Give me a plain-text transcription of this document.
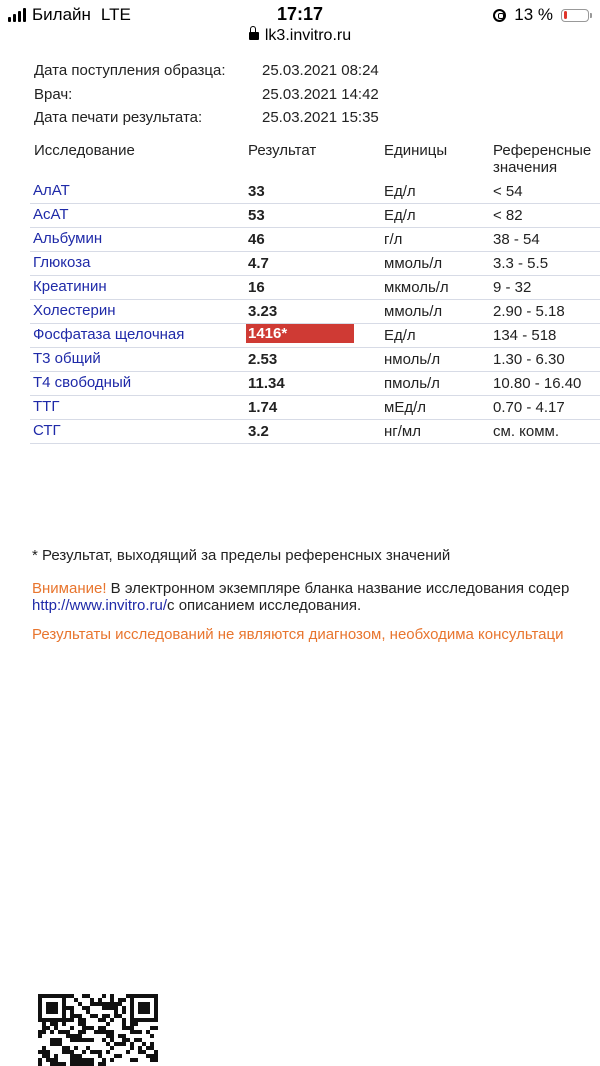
Билайн LTE	17:17	13 %
lk3.invitro.ru
Дата поступления образца: 25.03.2021 08:24
Врач:	25.03.2021 14:42
Дата печати результата:	25.03.2021 15:35
Исследование	Результат	Единицы	Референсные
значения
АлАТ	33	Ед/л	< 54
АсАТ	53	Ед/л	< 82
Альбумин	46	г/л	38 - 54
Глюкоза	4.7	ммоль/л	3.3 - 5.5
Креатинин	16	мкмоль/л	9 - 32
Холестерин	3.23	ммоль/л	2.90 - 5.18
Фосфатаза щелочная	1416*	Ед/л	134 - 518
Т3 общий	2.53	нмоль/л	1.30 - 6.30
Т4 свободный	11.34	пмоль/л	10.80 - 16.40
ТТГ	1.74	мЕд/л	0.70 - 4.17
СТГ	3.2	нг/мл	см. комм.
* Результат, выходящий за пределы референсных значений
Внимание! В электронном экземпляре бланка название исследования содер
http://www.invitro.ru/с описанием исследования.
Результаты исследований не являются диагнозом, необходима консультаци
